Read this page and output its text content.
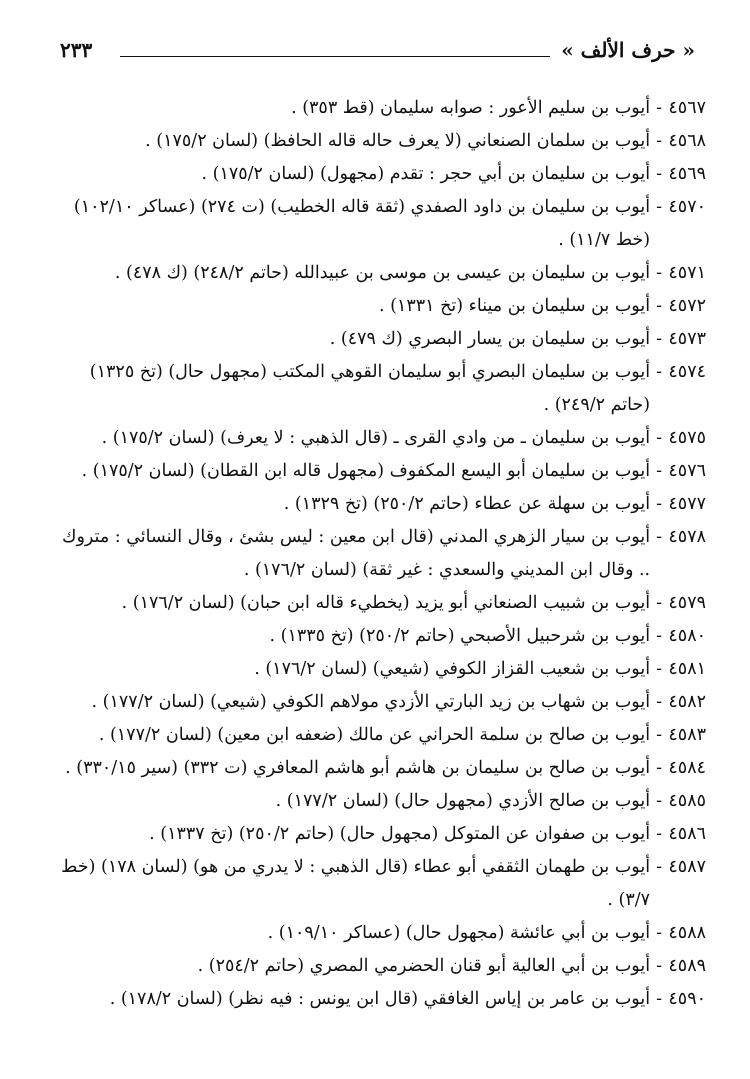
« حرف الألف »
٢٣٣
٤٥٦٧
-
أيوب بن سليم الأعور : صوابه سليمان (قط ٣٥٣) .
٤٥٦٨
-
أيوب بن سلمان الصنعاني (لا يعرف حاله قاله الحافظ) (لسان ١٧٥/٢) .
٤٥٦٩
-
أيوب بن سليمان بن أبي حجر : تقدم (مجهول) (لسان ١٧٥/٢) .
٤٥٧٠
-
أيوب بن سليمان بن داود الصفدي (ثقة قاله الخطيب) (ت ٢٧٤) (عساكر ١٠٢/١٠) (خط ١١/٧) .
٤٥٧١
-
أيوب بن سليمان بن عيسى بن موسى بن عبيدالله (حاتم ٢٤٨/٢) (ك ٤٧٨) .
٤٥٧٢
-
أيوب بن سليمان بن ميناء (تخ ١٣٣١) .
٤٥٧٣
-
أيوب بن سليمان بن يسار البصري (ك ٤٧٩) .
٤٥٧٤
-
أيوب بن سليمان البصري أبو سليمان القوهي المكتب (مجهول حال) (تخ ١٣٢٥) (حاتم ٢٤٩/٢) .
٤٥٧٥
-
أيوب بن سليمان ـ من وادي القرى ـ (قال الذهبي : لا يعرف) (لسان ١٧٥/٢) .
٤٥٧٦
-
أيوب بن سليمان أبو اليسع المكفوف (مجهول قاله ابن القطان) (لسان ١٧٥/٢) .
٤٥٧٧
-
أيوب بن سهلة عن عطاء (حاتم ٢٥٠/٢) (تخ ١٣٢٩) .
٤٥٧٨
-
أيوب بن سيار الزهري المدني (قال ابن معين : ليس بشئ ، وقال النسائي : متروك .. وقال ابن المديني والسعدي : غير ثقة) (لسان ١٧٦/٢) .
٤٥٧٩
-
أيوب بن شبيب الصنعاني أبو يزيد (يخطيء قاله ابن حبان) (لسان ١٧٦/٢) .
٤٥٨٠
-
أيوب بن شرحبيل الأصبحي (حاتم ٢٥٠/٢) (تخ ١٣٣٥) .
٤٥٨١
-
أيوب بن شعيب القزاز الكوفي (شيعي) (لسان ١٧٦/٢) .
٤٥٨٢
-
أيوب بن شهاب بن زيد البارتي الأزدي مولاهم الكوفي (شيعي) (لسان ١٧٧/٢) .
٤٥٨٣
-
أيوب بن صالح بن سلمة الحراني عن مالك (ضعفه ابن معين) (لسان ١٧٧/٢) .
٤٥٨٤
-
أيوب بن صالح بن سليمان بن هاشم أبو هاشم المعافري (ت ٣٣٢) (سير ٣٣٠/١٥) .
٤٥٨٥
-
أيوب بن صالح الأزدي (مجهول حال) (لسان ١٧٧/٢) .
٤٥٨٦
-
أيوب بن صفوان عن المتوكل (مجهول حال) (حاتم ٢٥٠/٢) (تخ ١٣٣٧) .
٤٥٨٧
-
أيوب بن طهمان الثقفي أبو عطاء (قال الذهبي : لا يدري من هو) (لسان ١٧٨) (خط ٣/٧) .
٤٥٨٨
-
أيوب بن أبي عائشة (مجهول حال) (عساكر ١٠٩/١٠) .
٤٥٨٩
-
أيوب بن أبي العالية أبو قنان الحضرمي المصري (حاتم ٢٥٤/٢) .
٤٥٩٠
-
أيوب بن عامر بن إياس الغافقي (قال ابن يونس : فيه نظر) (لسان ١٧٨/٢) .
